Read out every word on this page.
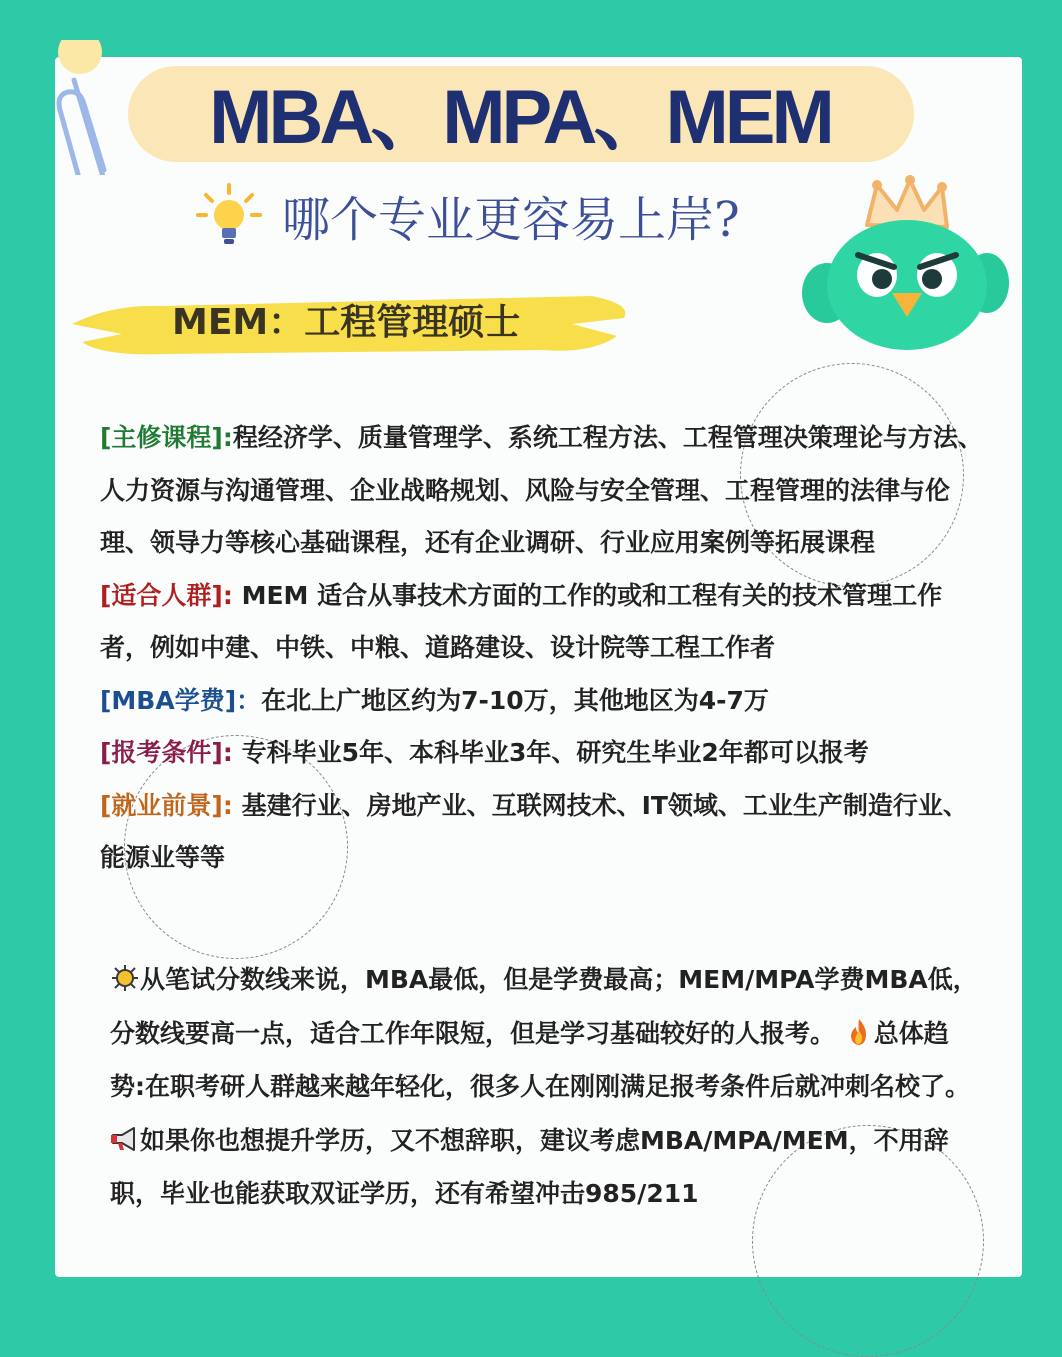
MBA、MPA、MEM
哪个专业更容易上岸?
MEM：工程管理硕士

[主修课程]:程经济学、质量管理学、系统工程方法、工程管理决策理论与方法、人力资源与沟通管理、企业战略规划、风险与安全管理、工程管理的法律与伦理、领导力等核心基础课程，还有企业调研、行业应用案例等拓展课程

[适合人群]: MEM 适合从事技术方面的工作的或和工程有关的技术管理工作者，例如中建、中铁、中粮、道路建设、设计院等工程工作者

[MBA学费]：在北上广地区约为7-10万，其他地区为4-7万

[报考条件]: 专科毕业5年、本科毕业3年、研究生毕业2年都可以报考

[就业前景]: 基建行业、房地产业、互联网技术、IT领域、工业生产制造行业、能源业等等

从笔试分数线来说，MBA最低，但是学费最高；MEM/MPA学费MBA低，分数线要高一点，适合工作年限短，但是学习基础较好的人报考。 总体趋势:在职考研人群越来越年轻化，很多人在刚刚满足报考条件后就冲刺名校了。

如果你也想提升学历，又不想辞职，建议考虑MBA/MPA/MEM，不用辞职，毕业也能获取双证学历，还有希望冲击985/211
